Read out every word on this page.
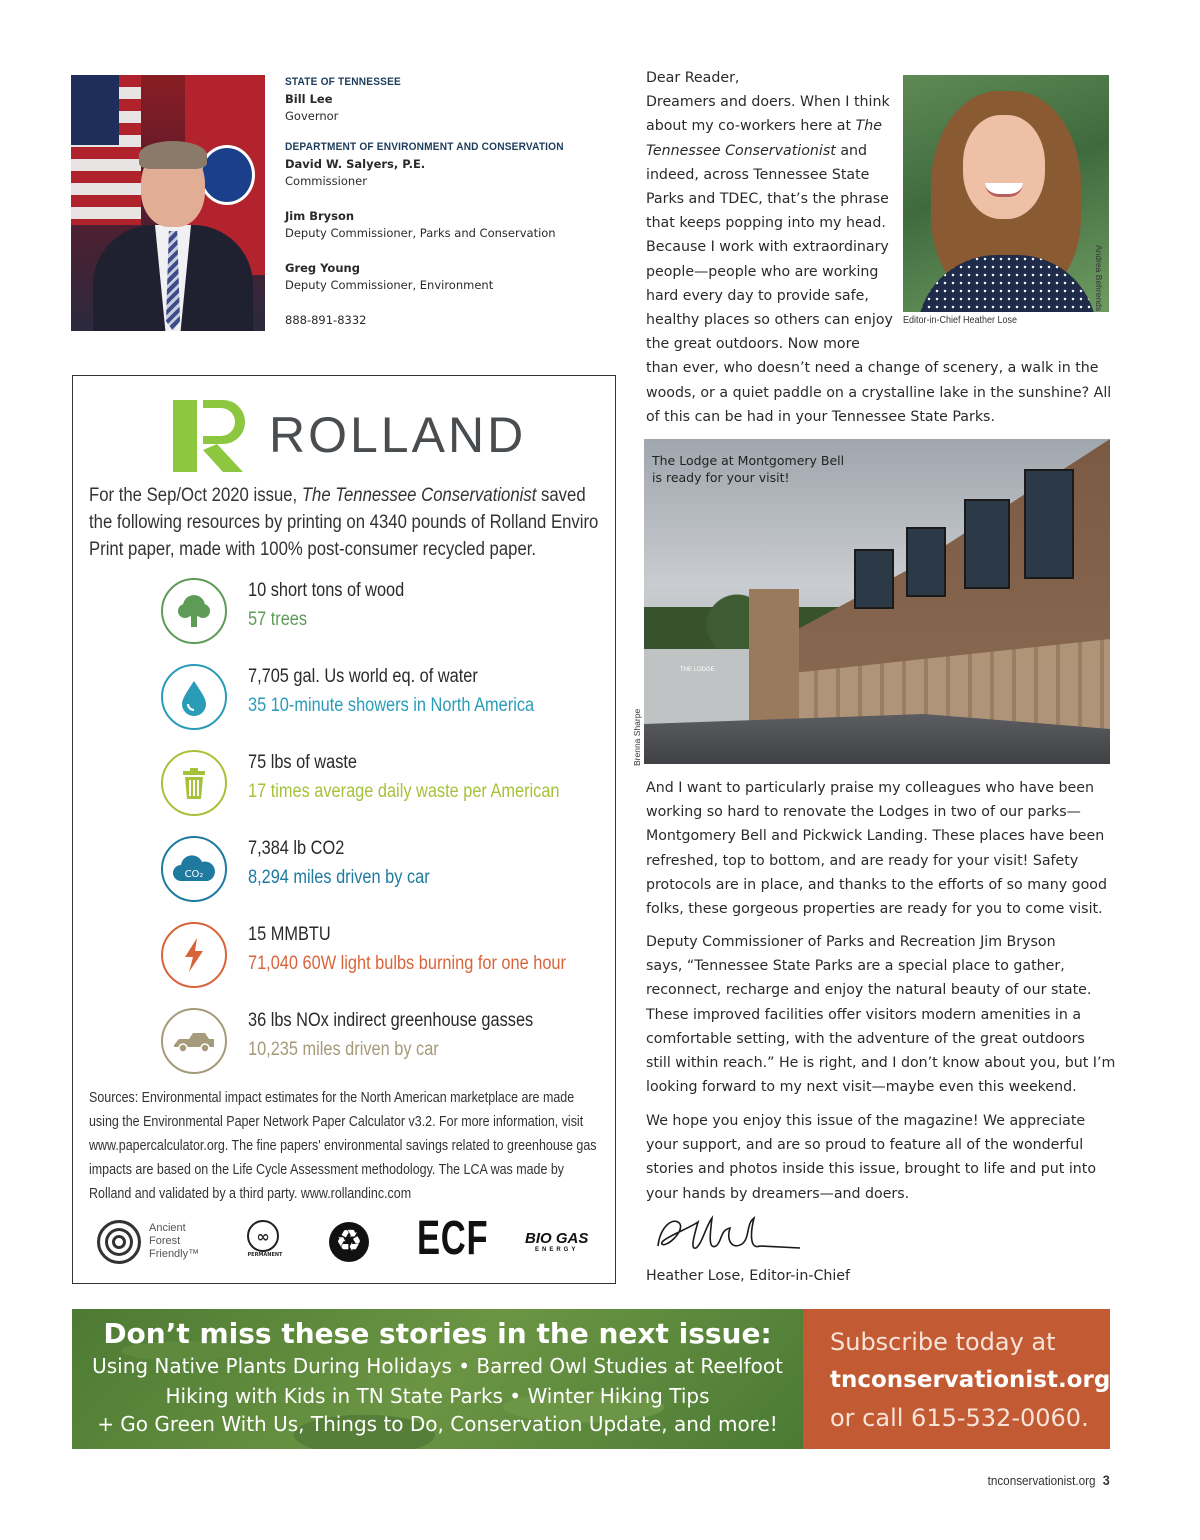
STATE OF TENNESSEE
Bill Lee
Governor
DEPARTMENT OF ENVIRONMENT AND CONSERVATION
David W. Salyers, P.E.
Commissioner
Jim Bryson
Deputy Commissioner, Parks and Conservation
Greg Young
Deputy Commissioner, Environment
888-891-8332
ROLLAND
For the Sep/Oct 2020 issue, The Tennessee Conservationist saved the following resources by printing on 4340 pounds of Rolland Enviro Print paper, made with 100% post-consumer recycled paper.
10 short tons of wood
57 trees
7,705 gal. Us world eq. of water
35 10-minute showers in North America
75 lbs of waste
17 times average daily waste per American
CO₂
7,384 lb CO2
8,294 miles driven by car
15 MMBTU
71,040 60W light bulbs burning for one hour
36 lbs NOx indirect greenhouse gasses
10,235 miles driven by car
Sources: Environmental impact estimates for the North American marketplace are made using the Environmental Paper Network Paper Calculator v3.2. For more information, visit www.papercalculator.org. The fine papers' environmental savings related to greenhouse gas impacts are based on the Life Cycle Assessment methodology. The LCA was made by Rolland and validated by a third party. www.rollandinc.com
Ancient
Forest
Friendly™
∞
PERMANENT ♻ ECF BIO GAS
ENERGY
Editor-in-Chief Heather Lose
Andrea Behrends

Dear Reader,

Dreamers and doers. When I think

about my co-workers here at The

Tennessee Conservationist and

indeed, across Tennessee State

Parks and TDEC, that’s the phrase

that keeps popping into my head.

Because I work with extraordinary

people—people who are working

hard every day to provide safe,

healthy places so others can enjoy

the great outdoors. Now more

than ever, who doesn’t need a change of scenery, a walk in the

woods, or a quiet paddle on a crystalline lake in the sunshine? All

of this can be had in your Tennessee State Parks.

The Lodge at Montgomery Bell
is ready for your visit!
Brenna Sharpe
THE LODGE

And I want to particularly praise my colleagues who have been

working so hard to renovate the Lodges in two of our parks—

Montgomery Bell and Pickwick Landing. These places have been

refreshed, top to bottom, and are ready for your visit! Safety

protocols are in place, and thanks to the efforts of so many good

folks, these gorgeous properties are ready for you to come visit.

Deputy Commissioner of Parks and Recreation Jim Bryson

says, “Tennessee State Parks are a special place to gather,

reconnect, recharge and enjoy the natural beauty of our state.

These improved facilities offer visitors modern amenities in a

comfortable setting, with the adventure of the great outdoors

still within reach.” He is right, and I don’t know about you, but I’m

looking forward to my next visit—maybe even this weekend.

We hope you enjoy this issue of the magazine! We appreciate

your support, and are so proud to feature all of the wonderful

stories and photos inside this issue, brought to life and put into

your hands by dreamers—and doers.

Heather Lose, Editor-in-Chief
Don’t miss these stories in the next issue:
Using Native Plants During Holidays • Barred Owl Studies at Reelfoot
Hiking with Kids in TN State Parks • Winter Hiking Tips
+ Go Green With Us, Things to Do, Conservation Update, and more!
Subscribe today at
tnconservationist.org
or call 615-532-0060.
tnconservationist.org 3
